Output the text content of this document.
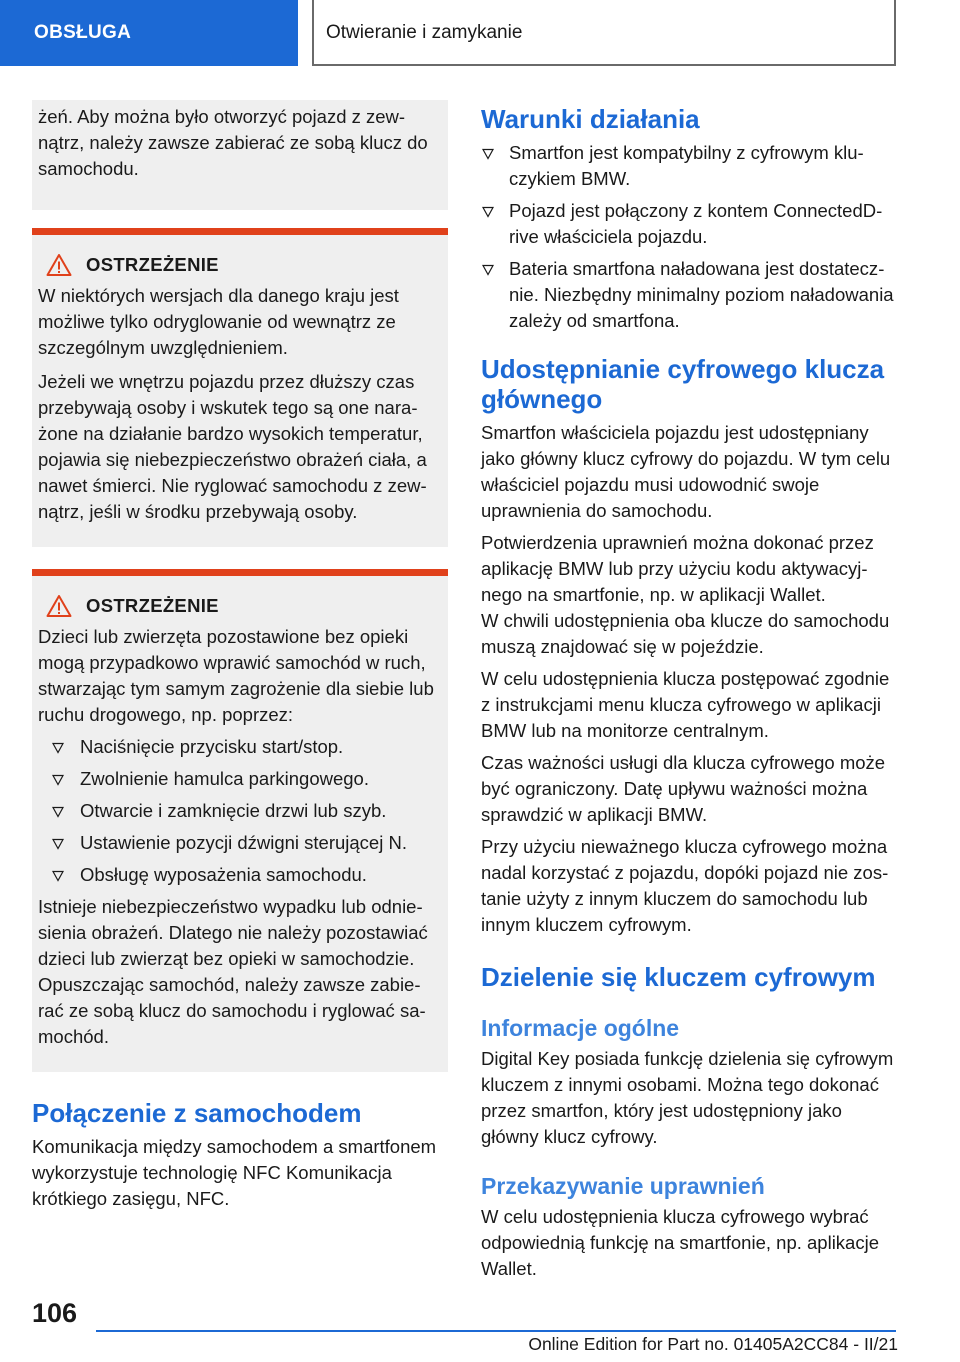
OBSŁUGA	Otwieranie i zamykanie

żeń. Aby można było otworzyć pojazd z zewnątrz, należy zawsze zabierać ze sobą klucz do samochodu.

OSTRZEŻENIE

W niektórych wersjach dla danego kraju jest możliwe tylko odryglowanie od wewnątrz ze szczególnym uwzględnieniem.

Jeżeli we wnętrzu pojazdu przez dłuższy czas przebywają osoby i wskutek tego są one narażone na działanie bardzo wysokich temperatur, pojawia się niebezpieczeństwo obrażeń ciała, a nawet śmierci. Nie ryglować samochodu z zewnątrz, jeśli w środku przebywają osoby.

OSTRZEŻENIE

Dzieci lub zwierzęta pozostawione bez opieki mogą przypadkowo wprawić samochód w ruch, stwarzając tym samym zagrożenie dla siebie lub ruchu drogowego, np. poprzez:

Naciśnięcie przycisku start/stop.
Zwolnienie hamulca parkingowego.
Otwarcie i zamknięcie drzwi lub szyb.
Ustawienie pozycji dźwigni sterującej N.
Obsługę wyposażenia samochodu.

Istnieje niebezpieczeństwo wypadku lub odniesienia obrażeń. Dlatego nie należy pozostawiać dzieci lub zwierząt bez opieki w samochodzie. Opuszczając samochód, należy zawsze zabierać ze sobą klucz do samochodu i ryglować samochód.

Połączenie z samochodem

Komunikacja między samochodem a smartfonem wykorzystuje technologię NFC Komunikacja krótkiego zasięgu, NFC.

Warunki działania
Smartfon jest kompatybilny z cyfrowym kluczykiem BMW.
Pojazd jest połączony z kontem ConnectedDrive właściciela pojazdu.
Bateria smartfona naładowana jest dostatecznie. Niezbędny minimalny poziom naładowania zależy od smartfona.
Udostępnianie cyfrowego klucza głównego

Smartfon właściciela pojazdu jest udostępniany jako główny klucz cyfrowy do pojazdu. W tym celu właściciel pojazdu musi udowodnić swoje uprawnienia do samochodu.

Potwierdzenia uprawnień można dokonać przez aplikację BMW lub przy użyciu kodu aktywacyjnego na smartfonie, np. w aplikacji Wallet.

W chwili udostępnienia oba klucze do samochodu muszą znajdować się w pojeździe.

W celu udostępnienia klucza postępować zgodnie z instrukcjami menu klucza cyfrowego w aplikacji BMW lub na monitorze centralnym.

Czas ważności usługi dla klucza cyfrowego może być ograniczony. Datę upływu ważności można sprawdzić w aplikacji BMW.

Przy użyciu nieważnego klucza cyfrowego można nadal korzystać z pojazdu, dopóki pojazd nie zostanie użyty z innym kluczem do samochodu lub innym kluczem cyfrowym.

Dzielenie się kluczem cyfrowym
Informacje ogólne

Digital Key posiada funkcję dzielenia się cyfrowym kluczem z innymi osobami. Można tego dokonać przez smartfon, który jest udostępniony jako główny klucz cyfrowy.

Przekazywanie uprawnień

W celu udostępnienia klucza cyfrowego wybrać odpowiednią funkcję na smartfonie, np. aplikacje Wallet.

106
Online Edition for Part no. 01405A2CC84 - II/21
